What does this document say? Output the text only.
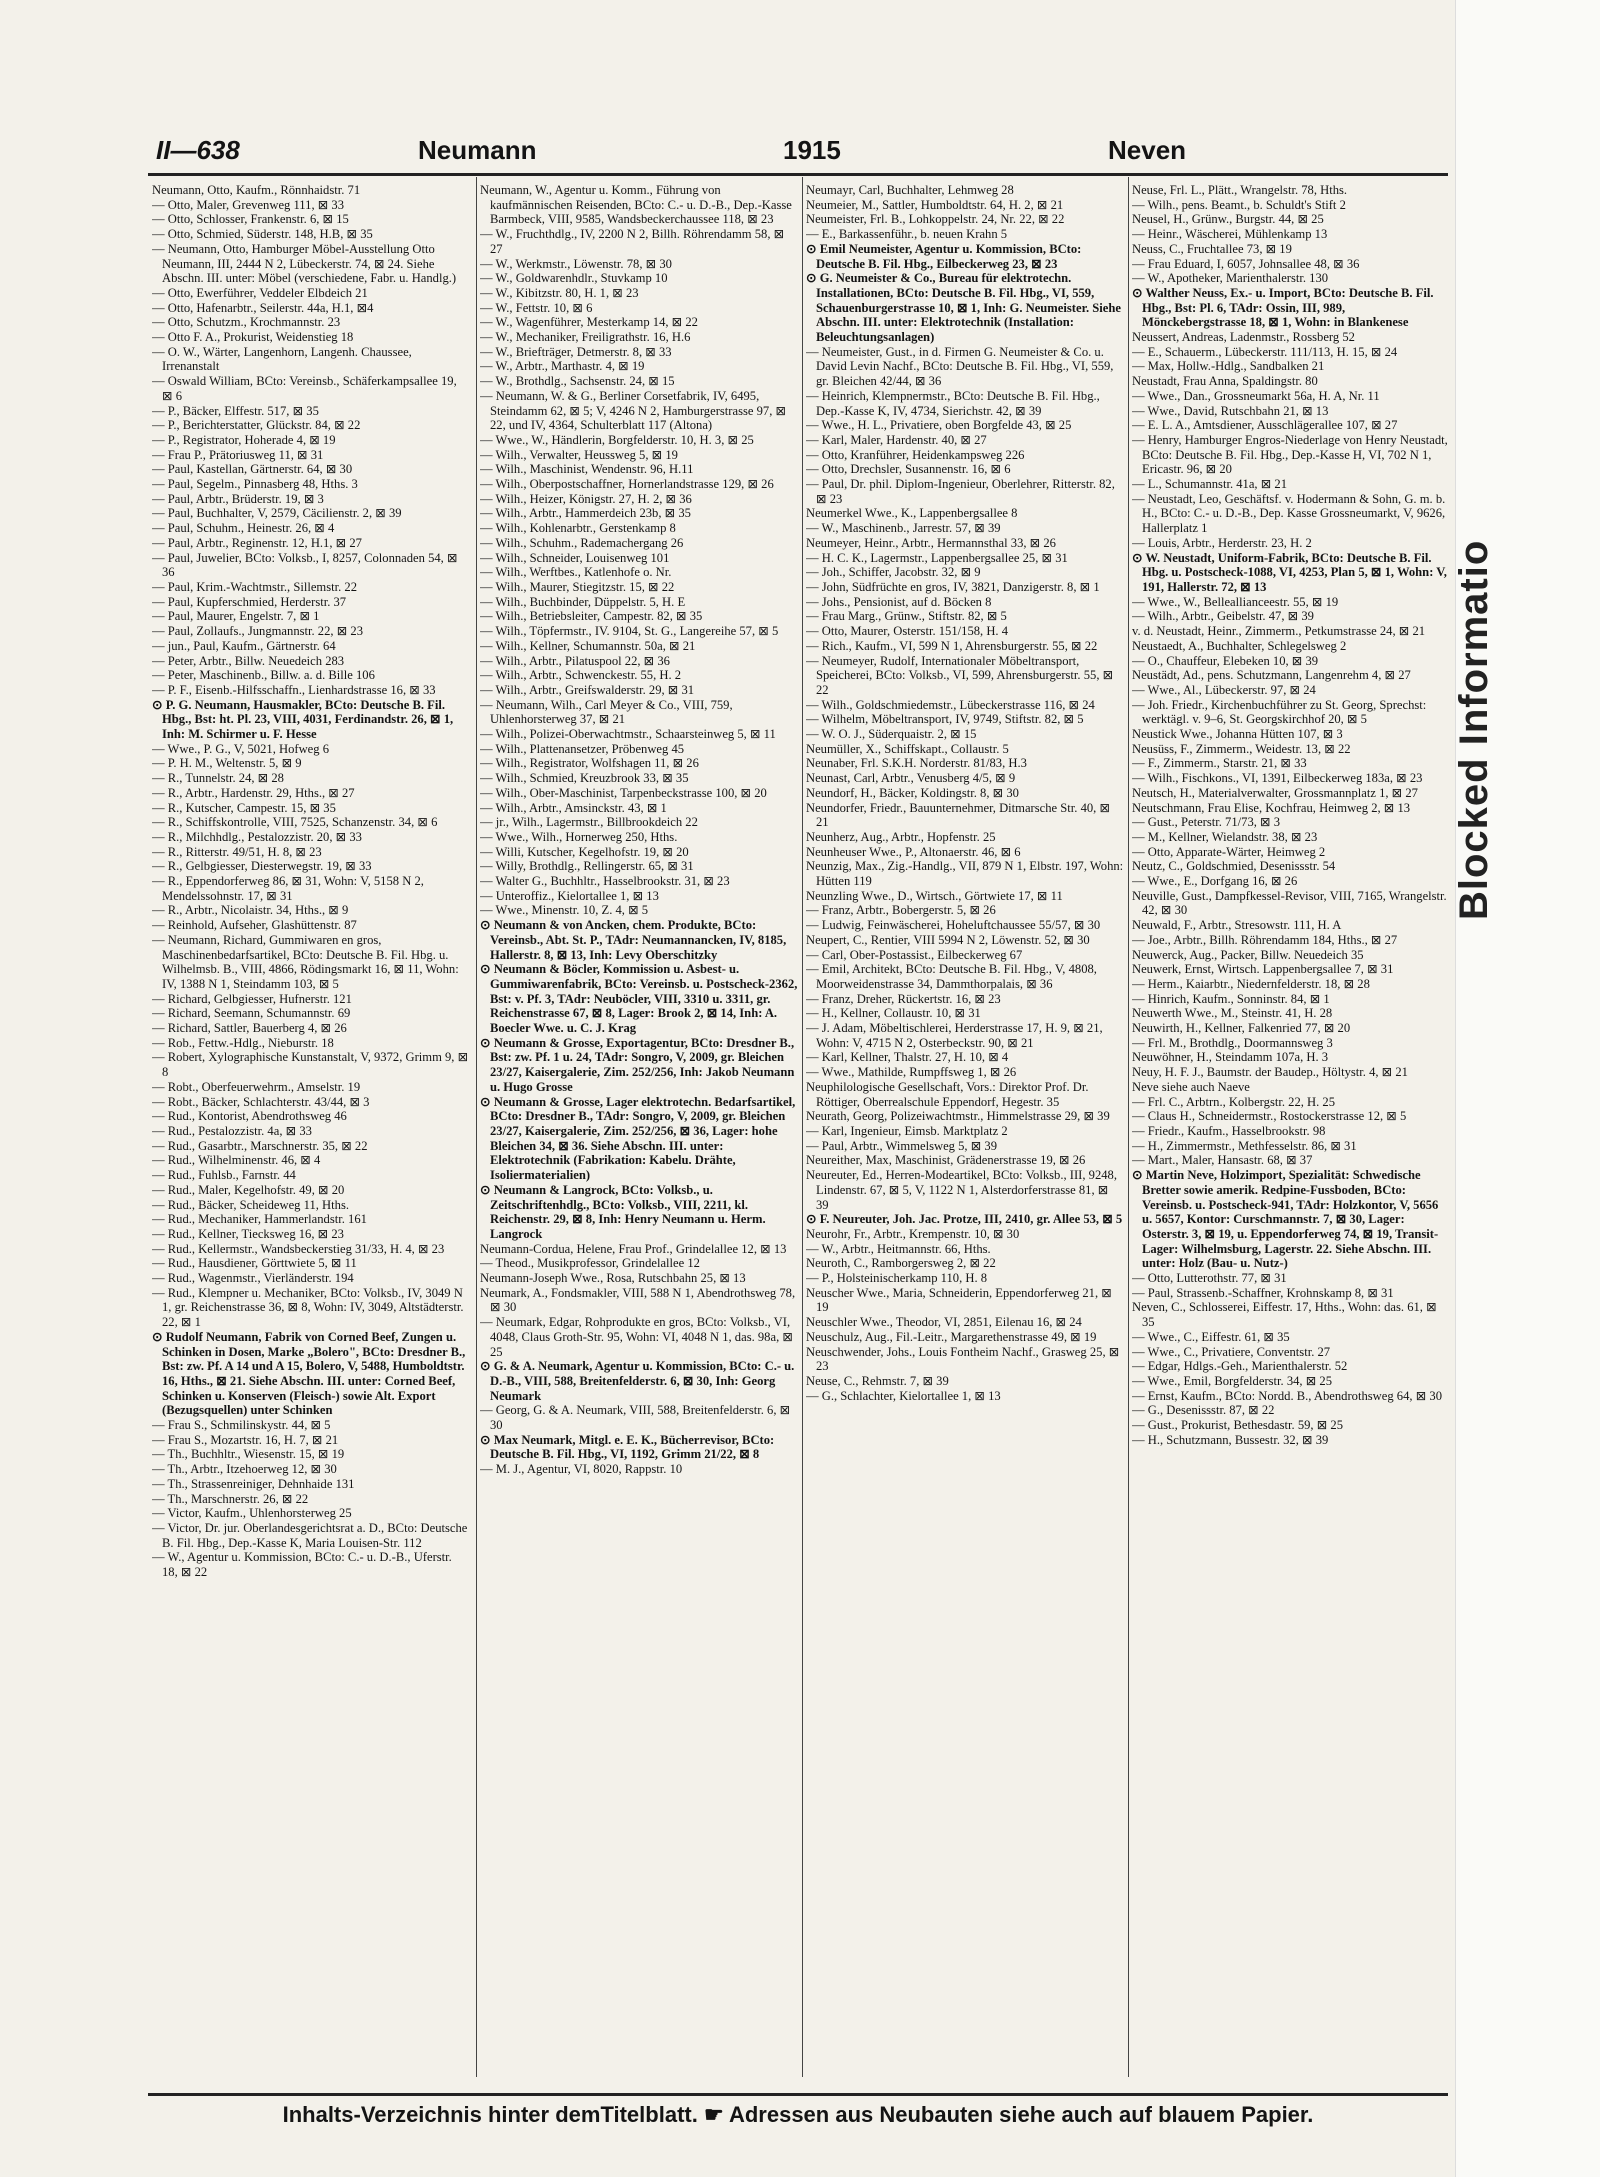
Blocked Informatio
II—638	Neumann	1915	Neven
Neumann, Otto, Kaufm., Rönnhaidstr. 71
— Otto, Maler, Grevenweg 111, ⊠ 33
— Otto, Schlosser, Frankenstr. 6, ⊠ 15
— Otto, Schmied, Süderstr. 148, H.B, ⊠ 35
— Neumann, Otto, Hamburger Möbel-Ausstellung Otto Neumann, III, 2444 N 2, Lübeckerstr. 74, ⊠ 24. Siehe Abschn. III. unter: Möbel (verschiedene, Fabr. u. Handlg.)
— Otto, Ewerführer, Veddeler Elbdeich 21
— Otto, Hafenarbtr., Seilerstr. 44a, H.1, ⊠4
— Otto, Schutzm., Krochmannstr. 23
— Otto F. A., Prokurist, Weidenstieg 18
— O. W., Wärter, Langenhorn, Langenh. Chaussee, Irrenanstalt
— Oswald William, BCto: Vereinsb., Schäferkampsallee 19, ⊠ 6
— P., Bäcker, Elffestr. 517, ⊠ 35
— P., Berichterstatter, Glückstr. 84, ⊠ 22
— P., Registrator, Hoherade 4, ⊠ 19
— Frau P., Prätoriusweg 11, ⊠ 31
— Paul, Kastellan, Gärtnerstr. 64, ⊠ 30
— Paul, Segelm., Pinnasberg 48, Hths. 3
— Paul, Arbtr., Brüderstr. 19, ⊠ 3
— Paul, Buchhalter, V, 2579, Cäcilienstr. 2, ⊠ 39
— Paul, Schuhm., Heinestr. 26, ⊠ 4
— Paul, Arbtr., Reginenstr. 12, H.1, ⊠ 27
— Paul, Juwelier, BCto: Volksb., I, 8257, Colonnaden 54, ⊠ 36
— Paul, Krim.-Wachtmstr., Sillemstr. 22
— Paul, Kupferschmied, Herderstr. 37
— Paul, Maurer, Engelstr. 7, ⊠ 1
— Paul, Zollaufs., Jungmannstr. 22, ⊠ 23
— jun., Paul, Kaufm., Gärtnerstr. 64
— Peter, Arbtr., Billw. Neuedeich 283
— Peter, Maschinenb., Billw. a. d. Bille 106
— P. F., Eisenb.-Hilfsschaffn., Lienhardstrasse 16, ⊠ 33
⊙ P. G. Neumann, Hausmakler, BCto: Deutsche B. Fil. Hbg., Bst: ht. Pl. 23, VIII, 4031, Ferdinandstr. 26, ⊠ 1, Inh: M. Schirmer u. F. Hesse
— Wwe., P. G., V, 5021, Hofweg 6
— P. H. M., Weltenstr. 5, ⊠ 9
— R., Tunnelstr. 24, ⊠ 28
— R., Arbtr., Hardenstr. 29, Hths., ⊠ 27
— R., Kutscher, Campestr. 15, ⊠ 35
— R., Schiffskontrolle, VIII, 7525, Schanzenstr. 34, ⊠ 6
— R., Milchhdlg., Pestalozzistr. 20, ⊠ 33
— R., Ritterstr. 49/51, H. 8, ⊠ 23
— R., Gelbgiesser, Diesterwegstr. 19, ⊠ 33
— R., Eppendorferweg 86, ⊠ 31, Wohn: V, 5158 N 2, Mendelssohnstr. 17, ⊠ 31
— R., Arbtr., Nicolaistr. 34, Hths., ⊠ 9
— Reinhold, Aufseher, Glashüttenstr. 87
— Neumann, Richard, Gummiwaren en gros, Maschinenbedarfsartikel, BCto: Deutsche B. Fil. Hbg. u. Wilhelmsb. B., VIII, 4866, Rödingsmarkt 16, ⊠ 11, Wohn: IV, 1388 N 1, Steindamm 103, ⊠ 5
— Richard, Gelbgiesser, Hufnerstr. 121
— Richard, Seemann, Schumannstr. 69
— Richard, Sattler, Bauerberg 4, ⊠ 26
— Rob., Fettw.-Hdlg., Nieburstr. 18
— Robert, Xylographische Kunstanstalt, V, 9372, Grimm 9, ⊠ 8
— Robt., Oberfeuerwehrm., Amselstr. 19
— Robt., Bäcker, Schlachterstr. 43/44, ⊠ 3
— Rud., Kontorist, Abendrothsweg 46
— Rud., Pestalozzistr. 4a, ⊠ 33
— Rud., Gasarbtr., Marschnerstr. 35, ⊠ 22
— Rud., Wilhelminenstr. 46, ⊠ 4
— Rud., Fuhlsb., Farnstr. 44
— Rud., Maler, Kegelhofstr. 49, ⊠ 20
— Rud., Bäcker, Scheideweg 11, Hths.
— Rud., Mechaniker, Hammerlandstr. 161
— Rud., Kellner, Tiecksweg 16, ⊠ 23
— Rud., Kellermstr., Wandsbeckerstieg 31/33, H. 4, ⊠ 23
— Rud., Hausdiener, Görttwiete 5, ⊠ 11
— Rud., Wagenmstr., Vierländerstr. 194
— Rud., Klempner u. Mechaniker, BCto: Volksb., IV, 3049 N 1, gr. Reichenstrasse 36, ⊠ 8, Wohn: IV, 3049, Altstädterstr. 22, ⊠ 1
⊙ Rudolf Neumann, Fabrik von Corned Beef, Zungen u. Schinken in Dosen, Marke „Bolero", BCto: Dresdner B., Bst: zw. Pf. A 14 und A 15, Bolero, V, 5488, Humboldtstr. 16, Hths., ⊠ 21. Siehe Abschn. III. unter: Corned Beef, Schinken u. Konserven (Fleisch-) sowie Alt. Export (Bezugsquellen) unter Schinken
— Frau S., Schmilinskystr. 44, ⊠ 5
— Frau S., Mozartstr. 16, H. 7, ⊠ 21
— Th., Buchhltr., Wiesenstr. 15, ⊠ 19
— Th., Arbtr., Itzehoerweg 12, ⊠ 30
— Th., Strassenreiniger, Dehnhaide 131
— Th., Marschnerstr. 26, ⊠ 22
— Victor, Kaufm., Uhlenhorsterweg 25
— Victor, Dr. jur. Oberlandesgerichtsrat a. D., BCto: Deutsche B. Fil. Hbg., Dep.-Kasse K, Maria Louisen-Str. 112
— W., Agentur u. Kommission, BCto: C.- u. D.-B., Uferstr. 18, ⊠ 22
Neumann, W., Agentur u. Komm., Führung von kaufmännischen Reisenden, BCto: C.- u. D.-B., Dep.-Kasse Barmbeck, VIII, 9585, Wandsbeckerchaussee 118, ⊠ 23
— W., Fruchthdlg., IV, 2200 N 2, Billh. Röhrendamm 58, ⊠ 27
— W., Werkmstr., Löwenstr. 78, ⊠ 30
— W., Goldwarenhdlr., Stuvkamp 10
— W., Kibitzstr. 80, H. 1, ⊠ 23
— W., Fettstr. 10, ⊠ 6
— W., Wagenführer, Mesterkamp 14, ⊠ 22
— W., Mechaniker, Freiligrathstr. 16, H.6
— W., Briefträger, Detmerstr. 8, ⊠ 33
— W., Arbtr., Marthastr. 4, ⊠ 19
— W., Brothdlg., Sachsenstr. 24, ⊠ 15
— Neumann, W. & G., Berliner Corsetfabrik, IV, 6495, Steindamm 62, ⊠ 5; V, 4246 N 2, Hamburgerstrasse 97, ⊠ 22, und IV, 4364, Schulterblatt 117 (Altona)
— Wwe., W., Händlerin, Borgfelderstr. 10, H. 3, ⊠ 25
— Wilh., Verwalter, Heussweg 5, ⊠ 19
— Wilh., Maschinist, Wendenstr. 96, H.11
— Wilh., Oberpostschaffner, Hornerlandstrasse 129, ⊠ 26
— Wilh., Heizer, Königstr. 27, H. 2, ⊠ 36
— Wilh., Arbtr., Hammerdeich 23b, ⊠ 35
— Wilh., Kohlenarbtr., Gerstenkamp 8
— Wilh., Schuhm., Rademachergang 26
— Wilh., Schneider, Louisenweg 101
— Wilh., Werftbes., Katlenhofe o. Nr.
— Wilh., Maurer, Stiegitzstr. 15, ⊠ 22
— Wilh., Buchbinder, Düppelstr. 5, H. E
— Wilh., Betriebsleiter, Campestr. 82, ⊠ 35
— Wilh., Töpfermstr., IV. 9104, St. G., Langereihe 57, ⊠ 5
— Wilh., Kellner, Schumannstr. 50a, ⊠ 21
— Wilh., Arbtr., Pilatuspool 22, ⊠ 36
— Wilh., Arbtr., Schwenckestr. 55, H. 2
— Wilh., Arbtr., Greifswalderstr. 29, ⊠ 31
— Neumann, Wilh., Carl Meyer & Co., VIII, 759, Uhlenhorsterweg 37, ⊠ 21
— Wilh., Polizei-Oberwachtmstr., Schaarsteinweg 5, ⊠ 11
— Wilh., Plattenansetzer, Pröbenweg 45
— Wilh., Registrator, Wolfshagen 11, ⊠ 26
— Wilh., Schmied, Kreuzbrook 33, ⊠ 35
— Wilh., Ober-Maschinist, Tarpenbeckstrasse 100, ⊠ 20
— Wilh., Arbtr., Amsinckstr. 43, ⊠ 1
— jr., Wilh., Lagermstr., Billbrookdeich 22
— Wwe., Wilh., Hornerweg 250, Hths.
— Willi, Kutscher, Kegelhofstr. 19, ⊠ 20
— Willy, Brothdlg., Rellingerstr. 65, ⊠ 31
— Walter G., Buchhltr., Hasselbrookstr. 31, ⊠ 23
— Unteroffiz., Kielortallee 1, ⊠ 13
— Wwe., Minenstr. 10, Z. 4, ⊠ 5
⊙ Neumann & von Ancken, chem. Produkte, BCto: Vereinsb., Abt. St. P., TAdr: Neumannancken, IV, 8185, Hallerstr. 8, ⊠ 13, Inh: Levy Oberschitzky
⊙ Neumann & Böcler, Kommission u. Asbest- u. Gummiwarenfabrik, BCto: Vereinsb. u. Postscheck-2362, Bst: v. Pf. 3, TAdr: Neuböcler, VIII, 3310 u. 3311, gr. Reichenstrasse 67, ⊠ 8, Lager: Brook 2, ⊠ 14, Inh: A. Boecler Wwe. u. C. J. Krag
⊙ Neumann & Grosse, Exportagentur, BCto: Dresdner B., Bst: zw. Pf. 1 u. 24, TAdr: Songro, V, 2009, gr. Bleichen 23/27, Kaisergalerie, Zim. 252/256, Inh: Jakob Neumann u. Hugo Grosse
⊙ Neumann & Grosse, Lager elektrotechn. Bedarfsartikel, BCto: Dresdner B., TAdr: Songro, V, 2009, gr. Bleichen 23/27, Kaisergalerie, Zim. 252/256, ⊠ 36, Lager: hohe Bleichen 34, ⊠ 36. Siehe Abschn. III. unter: Elektrotechnik (Fabrikation: Kabelu. Drähte, Isoliermaterialien)
⊙ Neumann & Langrock, BCto: Volksb., u. Zeitschriftenhdlg., BCto: Volksb., VIII, 2211, kl. Reichenstr. 29, ⊠ 8, Inh: Henry Neumann u. Herm. Langrock
Neumann-Cordua, Helene, Frau Prof., Grindelallee 12, ⊠ 13
— Theod., Musikprofessor, Grindelallee 12
Neumann-Joseph Wwe., Rosa, Rutschbahn 25, ⊠ 13
Neumark, A., Fondsmakler, VIII, 588 N 1, Abendrothsweg 78, ⊠ 30
— Neumark, Edgar, Rohprodukte en gros, BCto: Volksb., VI, 4048, Claus Groth-Str. 95, Wohn: VI, 4048 N 1, das. 98a, ⊠ 25
⊙ G. & A. Neumark, Agentur u. Kommission, BCto: C.- u. D.-B., VIII, 588, Breitenfelderstr. 6, ⊠ 30, Inh: Georg Neumark
— Georg, G. & A. Neumark, VIII, 588, Breitenfelderstr. 6, ⊠ 30
⊙ Max Neumark, Mitgl. e. E. K., Bücherrevisor, BCto: Deutsche B. Fil. Hbg., VI, 1192, Grimm 21/22, ⊠ 8
— M. J., Agentur, VI, 8020, Rappstr. 10
Neumayr, Carl, Buchhalter, Lehmweg 28
Neumeier, M., Sattler, Humboldtstr. 64, H. 2, ⊠ 21
Neumeister, Frl. B., Lohkoppelstr. 24, Nr. 22, ⊠ 22
— E., Barkassenführ., b. neuen Krahn 5
⊙ Emil Neumeister, Agentur u. Kommission, BCto: Deutsche B. Fil. Hbg., Eilbeckerweg 23, ⊠ 23
⊙ G. Neumeister & Co., Bureau für elektrotechn. Installationen, BCto: Deutsche B. Fil. Hbg., VI, 559, Schauenburgerstrasse 10, ⊠ 1, Inh: G. Neumeister. Siehe Abschn. III. unter: Elektrotechnik (Installation: Beleuchtungsanlagen)
— Neumeister, Gust., in d. Firmen G. Neumeister & Co. u. David Levin Nachf., BCto: Deutsche B. Fil. Hbg., VI, 559, gr. Bleichen 42/44, ⊠ 36
— Heinrich, Klempnermstr., BCto: Deutsche B. Fil. Hbg., Dep.-Kasse K, IV, 4734, Sierichstr. 42, ⊠ 39
— Wwe., H. L., Privatiere, oben Borgfelde 43, ⊠ 25
— Karl, Maler, Hardenstr. 40, ⊠ 27
— Otto, Kranführer, Heidenkampsweg 226
— Otto, Drechsler, Susannenstr. 16, ⊠ 6
— Paul, Dr. phil. Diplom-Ingenieur, Oberlehrer, Ritterstr. 82, ⊠ 23
Neumerkel Wwe., K., Lappenbergsallee 8
— W., Maschinenb., Jarrestr. 57, ⊠ 39
Neumeyer, Heinr., Arbtr., Hermannsthal 33, ⊠ 26
— H. C. K., Lagermstr., Lappenbergsallee 25, ⊠ 31
— Joh., Schiffer, Jacobstr. 32, ⊠ 9
— John, Südfrüchte en gros, IV, 3821, Danzigerstr. 8, ⊠ 1
— Johs., Pensionist, auf d. Böcken 8
— Frau Marg., Grünw., Stiftstr. 82, ⊠ 5
— Otto, Maurer, Osterstr. 151/158, H. 4
— Rich., Kaufm., VI, 599 N 1, Ahrensburgerstr. 55, ⊠ 22
— Neumeyer, Rudolf, Internationaler Möbeltransport, Speicherei, BCto: Volksb., VI, 599, Ahrensburgerstr. 55, ⊠ 22
— Wilh., Goldschmiedemstr., Lübeckerstrasse 116, ⊠ 24
— Wilhelm, Möbeltransport, IV, 9749, Stiftstr. 82, ⊠ 5
— W. O. J., Süderquaistr. 2, ⊠ 15
Neumüller, X., Schiffskapt., Collaustr. 5
Neunaber, Frl. S.K.H. Norderstr. 81/83, H.3
Neunast, Carl, Arbtr., Venusberg 4/5, ⊠ 9
Neundorf, H., Bäcker, Koldingstr. 8, ⊠ 30
Neundorfer, Friedr., Bauunternehmer, Ditmarsche Str. 40, ⊠ 21
Neunherz, Aug., Arbtr., Hopfenstr. 25
Neunheuser Wwe., P., Altonaerstr. 46, ⊠ 6
Neunzig, Max., Zig.-Handlg., VII, 879 N 1, Elbstr. 197, Wohn: Hütten 119
Neunzling Wwe., D., Wirtsch., Görtwiete 17, ⊠ 11
— Franz, Arbtr., Bobergerstr. 5, ⊠ 26
— Ludwig, Feinwäscherei, Hoheluftchaussee 55/57, ⊠ 30
Neupert, C., Rentier, VIII 5994 N 2, Löwenstr. 52, ⊠ 30
— Carl, Ober-Postassist., Eilbeckerweg 67
— Emil, Architekt, BCto: Deutsche B. Fil. Hbg., V, 4808, Moorweidenstrasse 34, Dammthorpalais, ⊠ 36
— Franz, Dreher, Rückertstr. 16, ⊠ 23
— H., Kellner, Collaustr. 10, ⊠ 31
— J. Adam, Möbeltischlerei, Herderstrasse 17, H. 9, ⊠ 21, Wohn: V, 4715 N 2, Osterbeckstr. 90, ⊠ 21
— Karl, Kellner, Thalstr. 27, H. 10, ⊠ 4
— Wwe., Mathilde, Rumpffsweg 1, ⊠ 26
Neuphilologische Gesellschaft, Vors.: Direktor Prof. Dr. Röttiger, Oberrealschule Eppendorf, Hegestr. 35
Neurath, Georg, Polizeiwachtmstr., Himmelstrasse 29, ⊠ 39
— Karl, Ingenieur, Eimsb. Marktplatz 2
— Paul, Arbtr., Wimmelsweg 5, ⊠ 39
Neureither, Max, Maschinist, Grädenerstrasse 19, ⊠ 26
Neureuter, Ed., Herren-Modeartikel, BCto: Volksb., III, 9248, Lindenstr. 67, ⊠ 5, V, 1122 N 1, Alsterdorferstrasse 81, ⊠ 39
⊙ F. Neureuter, Joh. Jac. Protze, III, 2410, gr. Allee 53, ⊠ 5
Neurohr, Fr., Arbtr., Krempenstr. 10, ⊠ 30
— W., Arbtr., Heitmannstr. 66, Hths.
Neuroth, C., Ramborgersweg 2, ⊠ 22
— P., Holsteinischerkamp 110, H. 8
Neuscher Wwe., Maria, Schneiderin, Eppendorferweg 21, ⊠ 19
Neuschler Wwe., Theodor, VI, 2851, Eilenau 16, ⊠ 24
Neuschulz, Aug., Fil.-Leitr., Margarethenstrasse 49, ⊠ 19
Neuschwender, Johs., Louis Fontheim Nachf., Grasweg 25, ⊠ 23
Neuse, C., Rehmstr. 7, ⊠ 39
— G., Schlachter, Kielortallee 1, ⊠ 13
Neuse, Frl. L., Plätt., Wrangelstr. 78, Hths.
— Wilh., pens. Beamt., b. Schuldt's Stift 2
Neusel, H., Grünw., Burgstr. 44, ⊠ 25
— Heinr., Wäscherei, Mühlenkamp 13
Neuss, C., Fruchtallee 73, ⊠ 19
— Frau Eduard, I, 6057, Johnsallee 48, ⊠ 36
— W., Apotheker, Marienthalerstr. 130
⊙ Walther Neuss, Ex.- u. Import, BCto: Deutsche B. Fil. Hbg., Bst: Pl. 6, TAdr: Ossin, III, 989, Mönckebergstrasse 18, ⊠ 1, Wohn: in Blankenese
Neussert, Andreas, Ladenmstr., Rossberg 52
— E., Schauerm., Lübeckerstr. 111/113, H. 15, ⊠ 24
— Max, Hollw.-Hdlg., Sandbalken 21
Neustadt, Frau Anna, Spaldingstr. 80
— Wwe., Dan., Grossneumarkt 56a, H. A, Nr. 11
— Wwe., David, Rutschbahn 21, ⊠ 13
— E. L. A., Amtsdiener, Ausschlägerallee 107, ⊠ 27
— Henry, Hamburger Engros-Niederlage von Henry Neustadt, BCto: Deutsche B. Fil. Hbg., Dep.-Kasse H, VI, 702 N 1, Ericastr. 96, ⊠ 20
— L., Schumannstr. 41a, ⊠ 21
— Neustadt, Leo, Geschäftsf. v. Hodermann & Sohn, G. m. b. H., BCto: C.- u. D.-B., Dep. Kasse Grossneumarkt, V, 9626, Hallerplatz 1
— Louis, Arbtr., Herderstr. 23, H. 2
⊙ W. Neustadt, Uniform-Fabrik, BCto: Deutsche B. Fil. Hbg. u. Postscheck-1088, VI, 4253, Plan 5, ⊠ 1, Wohn: V, 191, Hallerstr. 72, ⊠ 13
— Wwe., W., Belleallianceestr. 55, ⊠ 19
— Wilh., Arbtr., Geibelstr. 47, ⊠ 39
v. d. Neustadt, Heinr., Zimmerm., Petkumstrasse 24, ⊠ 21
Neustaedt, A., Buchhalter, Schlegelsweg 2
— O., Chauffeur, Elebeken 10, ⊠ 39
Neustädt, Ad., pens. Schutzmann, Langenrehm 4, ⊠ 27
— Wwe., Al., Lübeckerstr. 97, ⊠ 24
— Joh. Friedr., Kirchenbuchführer zu St. Georg, Sprechst: werktägl. v. 9–6, St. Georgskirchhof 20, ⊠ 5
Neustick Wwe., Johanna Hütten 107, ⊠ 3
Neusüss, F., Zimmerm., Weidestr. 13, ⊠ 22
— F., Zimmerm., Starstr. 21, ⊠ 33
— Wilh., Fischkons., VI, 1391, Eilbeckerweg 183a, ⊠ 23
Neutsch, H., Materialverwalter, Grossmannplatz 1, ⊠ 27
Neutschmann, Frau Elise, Kochfrau, Heimweg 2, ⊠ 13
— Gust., Peterstr. 71/73, ⊠ 3
— M., Kellner, Wielandstr. 38, ⊠ 23
— Otto, Apparate-Wärter, Heimweg 2
Neutz, C., Goldschmied, Desenissstr. 54
— Wwe., E., Dorfgang 16, ⊠ 26
Neuville, Gust., Dampfkessel-Revisor, VIII, 7165, Wrangelstr. 42, ⊠ 30
Neuwald, F., Arbtr., Stresowstr. 111, H. A
— Joe., Arbtr., Billh. Röhrendamm 184, Hths., ⊠ 27
Neuwerck, Aug., Packer, Billw. Neuedeich 35
Neuwerk, Ernst, Wirtsch. Lappenbergsallee 7, ⊠ 31
— Herm., Kaiarbtr., Niedernfelderstr. 18, ⊠ 28
— Hinrich, Kaufm., Sonninstr. 84, ⊠ 1
Neuwerth Wwe., M., Steinstr. 41, H. 28
Neuwirth, H., Kellner, Falkenried 77, ⊠ 20
— Frl. M., Brothdlg., Doormannsweg 3
Neuwöhner, H., Steindamm 107a, H. 3
Neuy, H. F. J., Baumstr. der Baudep., Höltystr. 4, ⊠ 21
Neve siehe auch Naeve
— Frl. C., Arbtrn., Kolbergstr. 22, H. 25
— Claus H., Schneidermstr., Rostockerstrasse 12, ⊠ 5
— Friedr., Kaufm., Hasselbrookstr. 98
— H., Zimmermstr., Methfesselstr. 86, ⊠ 31
— Mart., Maler, Hansastr. 68, ⊠ 37
⊙ Martin Neve, Holzimport, Spezialität: Schwedische Bretter sowie amerik. Redpine-Fussboden, BCto: Vereinsb. u. Postscheck-941, TAdr: Holzkontor, V, 5656 u. 5657, Kontor: Curschmannstr. 7, ⊠ 30, Lager: Osterstr. 3, ⊠ 19, u. Eppendorferweg 74, ⊠ 19, Transit-Lager: Wilhelmsburg, Lagerstr. 22. Siehe Abschn. III. unter: Holz (Bau- u. Nutz-)
— Otto, Lutterothstr. 77, ⊠ 31
— Paul, Strassenb.-Schaffner, Krohnskamp 8, ⊠ 31
Neven, C., Schlosserei, Eiffestr. 17, Hths., Wohn: das. 61, ⊠ 35
— Wwe., C., Eiffestr. 61, ⊠ 35
— Wwe., C., Privatiere, Conventstr. 27
— Edgar, Hdlgs.-Geh., Marienthalerstr. 52
— Wwe., Emil, Borgfelderstr. 34, ⊠ 25
— Ernst, Kaufm., BCto: Nordd. B., Abendrothsweg 64, ⊠ 30
— G., Desenissstr. 87, ⊠ 22
— Gust., Prokurist, Bethesdastr. 59, ⊠ 25
— H., Schutzmann, Bussestr. 32, ⊠ 39
Inhalts-Verzeichnis hinter demTitelblatt. ☛ Adressen aus Neubauten siehe auch auf blauem Papier.
